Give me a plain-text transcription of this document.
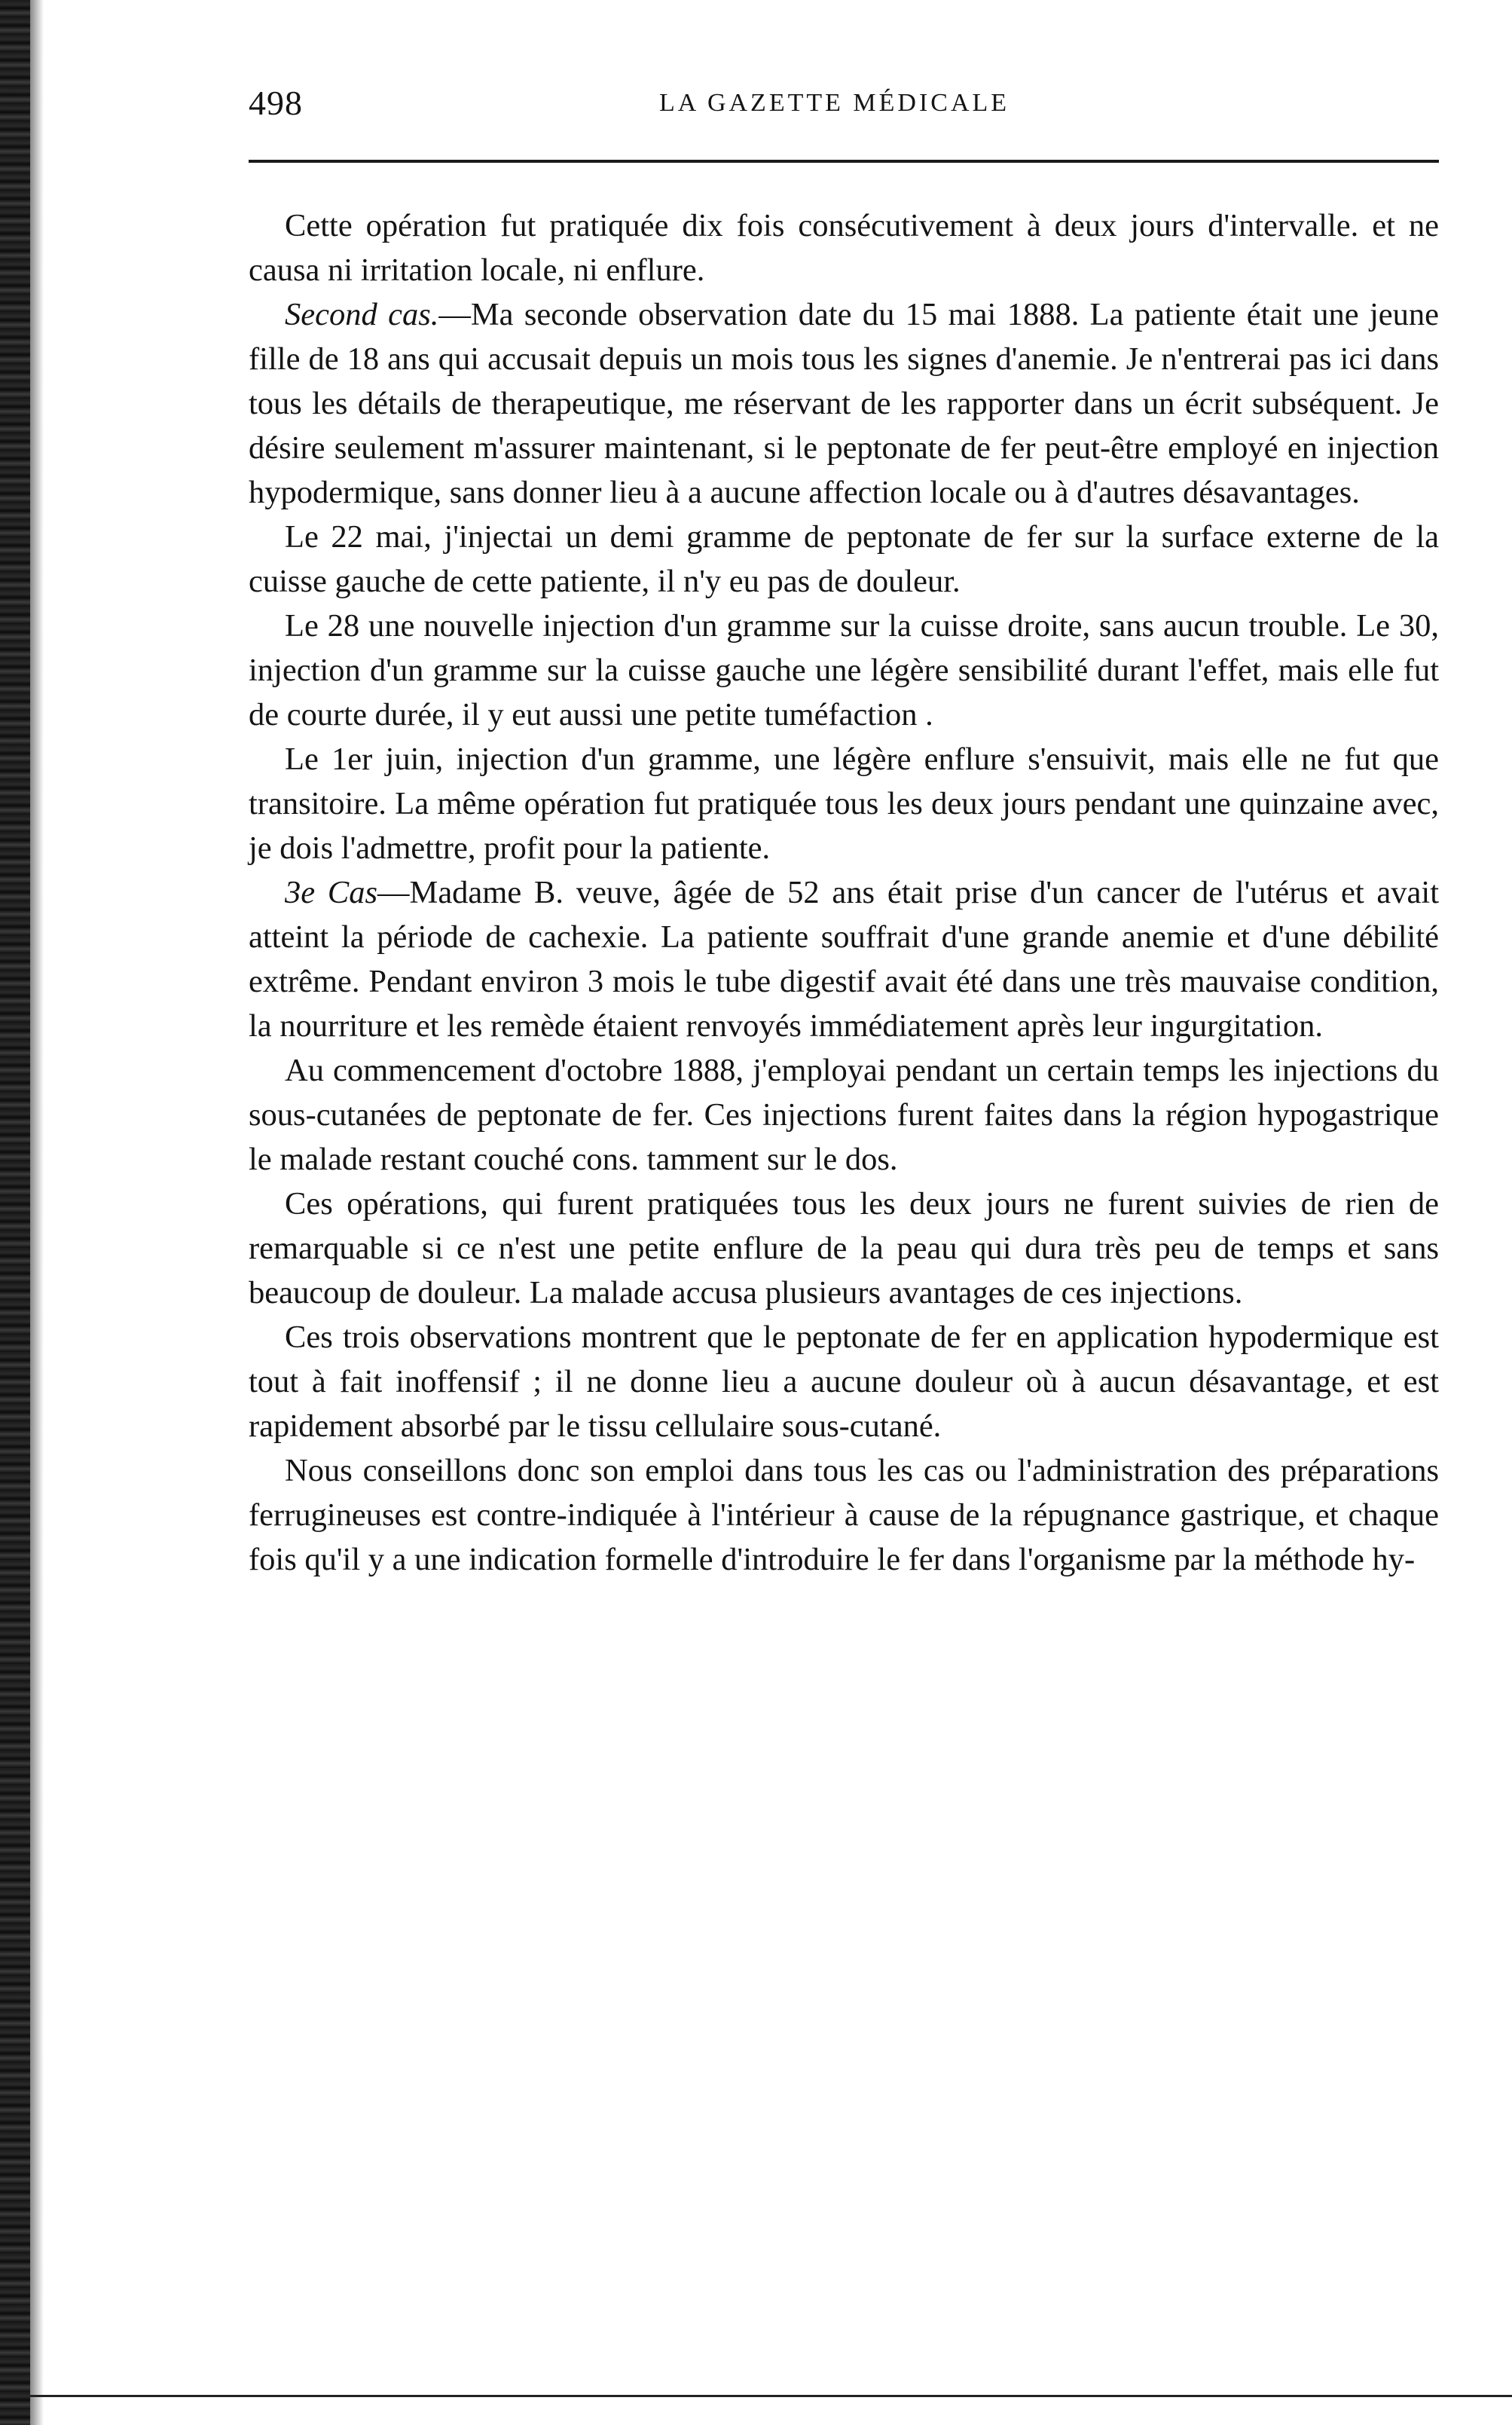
498	LA GAZETTE MÉDICALE

Cette opération fut pratiquée dix fois consécutivement à deux jours d'intervalle. et ne causa ni irritation locale, ni enflure.

Second cas.—Ma seconde observation date du 15 mai 1888. La patiente était une jeune fille de 18 ans qui accusait depuis un mois tous les signes d'anemie. Je n'entrerai pas ici dans tous les détails de therapeutique, me réservant de les rapporter dans un écrit subséquent. Je désire seulement m'assurer maintenant, si le peptonate de fer peut-être employé en injection hypodermique, sans donner lieu à a aucune affection locale ou à d'autres désavantages.

Le 22 mai, j'injectai un demi gramme de peptonate de fer sur la surface externe de la cuisse gauche de cette patiente, il n'y eu pas de douleur.

Le 28 une nouvelle injection d'un gramme sur la cuisse droite, sans aucun trouble. Le 30, injection d'un gramme sur la cuisse gauche une légère sensibilité durant l'effet, mais elle fut de courte durée, il y eut aussi une petite tuméfaction .

Le 1er juin, injection d'un gramme, une légère enflure s'ensuivit, mais elle ne fut que transitoire. La même opération fut pratiquée tous les deux jours pendant une quinzaine avec, je dois l'admettre, profit pour la patiente.

3e Cas—Madame B. veuve, âgée de 52 ans était prise d'un cancer de l'utérus et avait atteint la période de cachexie. La patiente souffrait d'une grande anemie et d'une débilité extrême. Pendant environ 3 mois le tube digestif avait été dans une très mauvaise condition, la nourriture et les remède étaient renvoyés immédiatement après leur ingurgitation.

Au commencement d'octobre 1888, j'employai pendant un certain temps les injections du sous-cutanées de peptonate de fer. Ces injections furent faites dans la région hypogastrique le malade restant couché cons. tamment sur le dos.

Ces opérations, qui furent pratiquées tous les deux jours ne furent suivies de rien de remarquable si ce n'est une petite enflure de la peau qui dura très peu de temps et sans beaucoup de douleur. La malade accusa plusieurs avantages de ces injections.

Ces trois observations montrent que le peptonate de fer en application hypodermique est tout à fait inoffensif ; il ne donne lieu a aucune douleur où à aucun désavantage, et est rapidement absorbé par le tissu cellulaire sous-cutané.

Nous conseillons donc son emploi dans tous les cas ou l'administration des préparations ferrugineuses est contre-indiquée à l'intérieur à cause de la répugnance gastrique, et chaque fois qu'il y a une indication formelle d'introduire le fer dans l'organisme par la méthode hy-
